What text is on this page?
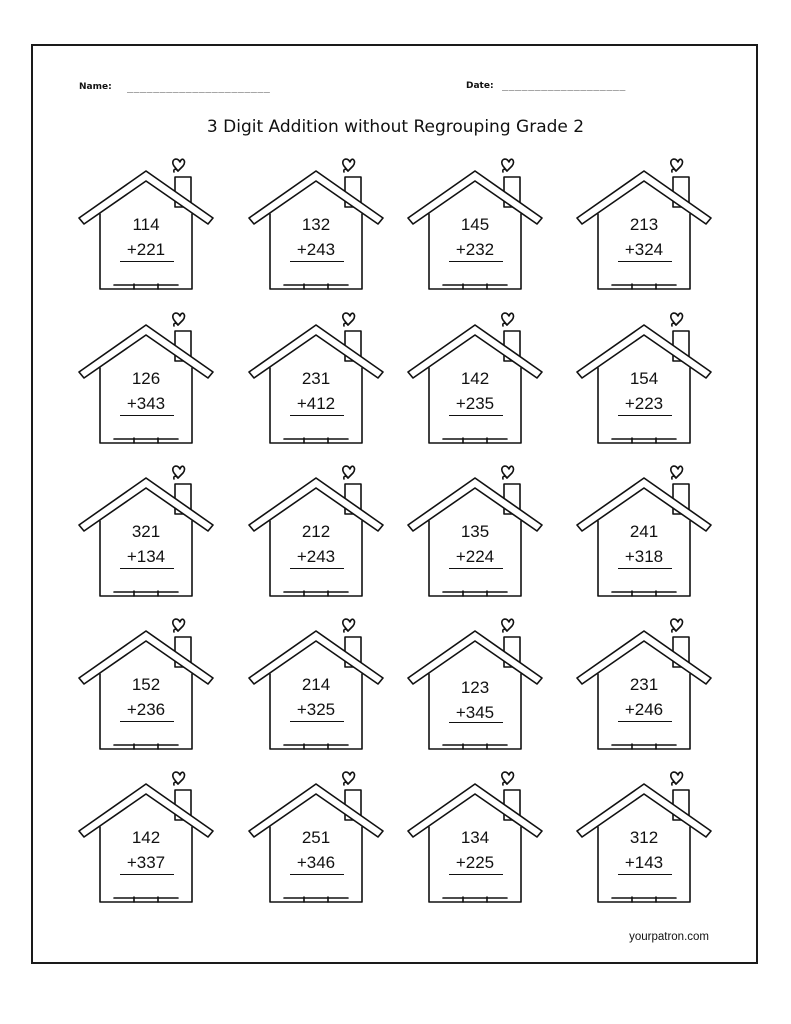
Name: ______________________	Date: ___________________
3 Digit Addition without Regrouping Grade 2
114
+221
132
+243
145
+232
213
+324
126
+343
231
+412
142
+235
154
+223
321
+134
212
+243
135
+224
241
+318
152
+236
214
+325
123
+345
231
+246
142
+337
251
+346
134
+225
312
+143
yourpatron.com
